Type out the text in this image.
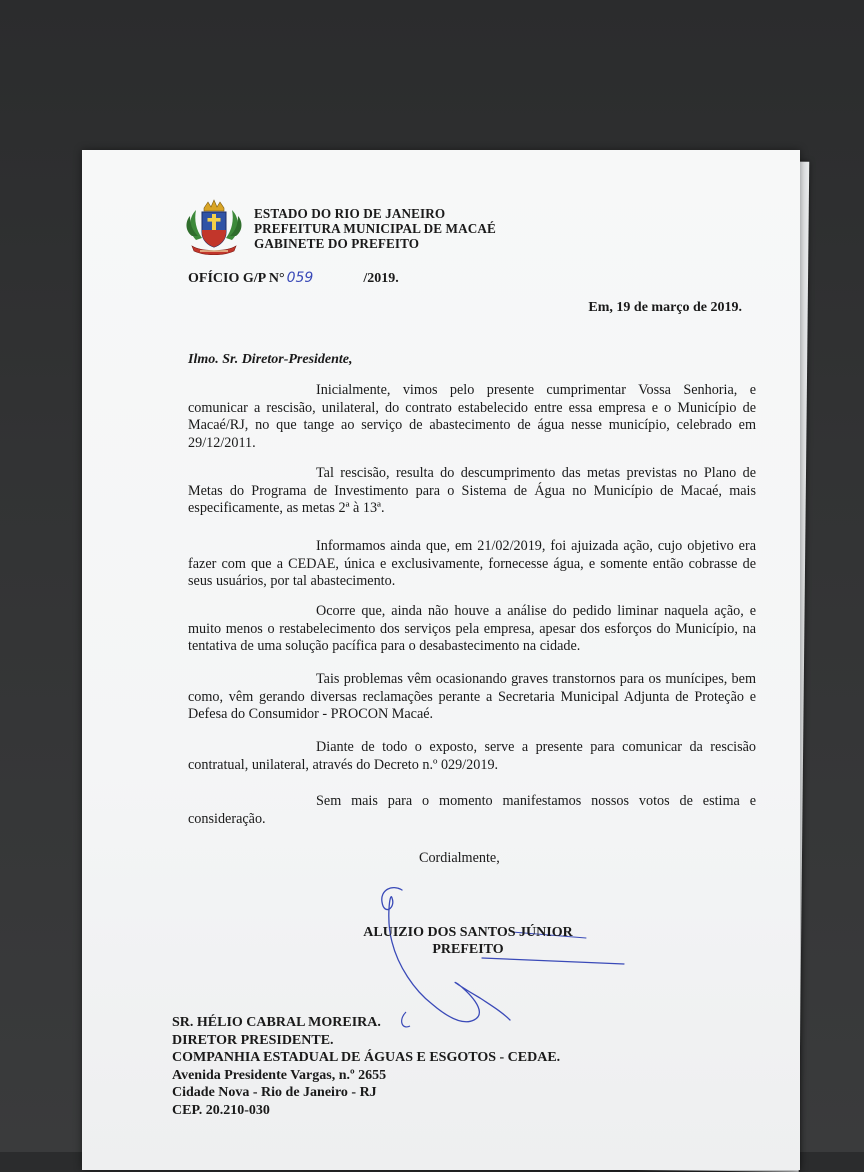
ESTADO DO RIO DE JANEIRO
PREFEITURA MUNICIPAL DE MACAÉ
GABINETE DO PREFEITO
OFÍCIO G/P N° 059	/2019.
Em, 19 de março de 2019.
Ilmo. Sr. Diretor-Presidente,
Inicialmente, vimos pelo presente cumprimentar Vossa Senhoria, e comunicar a rescisão, unilateral, do contrato estabelecido entre essa empresa e o Município de Macaé/RJ, no que tange ao serviço de abastecimento de água nesse município, celebrado em 29/12/2011.
Tal rescisão, resulta do descumprimento das metas previstas no Plano de Metas do Programa de Investimento para o Sistema de Água no Município de Macaé, mais especificamente, as metas 2ª à 13ª.
Informamos ainda que, em 21/02/2019, foi ajuizada ação, cujo objetivo era fazer com que a CEDAE, única e exclusivamente, fornecesse água, e somente então cobrasse de seus usuários, por tal abastecimento.
Ocorre que, ainda não houve a análise do pedido liminar naquela ação, e muito menos o restabelecimento dos serviços pela empresa, apesar dos esforços do Município, na tentativa de uma solução pacífica para o desabastecimento na cidade.
Tais problemas vêm ocasionando graves transtornos para os munícipes, bem como, vêm gerando diversas reclamações perante a Secretaria Municipal Adjunta de Proteção e Defesa do Consumidor - PROCON Macaé.
Diante de todo o exposto, serve a presente para comunicar da rescisão contratual, unilateral, através do Decreto n.º 029/2019.
Sem mais para o momento manifestamos nossos votos de estima e consideração.
Cordialmente,
ALUIZIO DOS SANTOS JÚNIOR
PREFEITO
SR. HÉLIO CABRAL MOREIRA.
DIRETOR PRESIDENTE.
COMPANHIA ESTADUAL DE ÁGUAS E ESGOTOS - CEDAE.
Avenida Presidente Vargas, n.º 2655
Cidade Nova - Rio de Janeiro - RJ
CEP. 20.210-030
